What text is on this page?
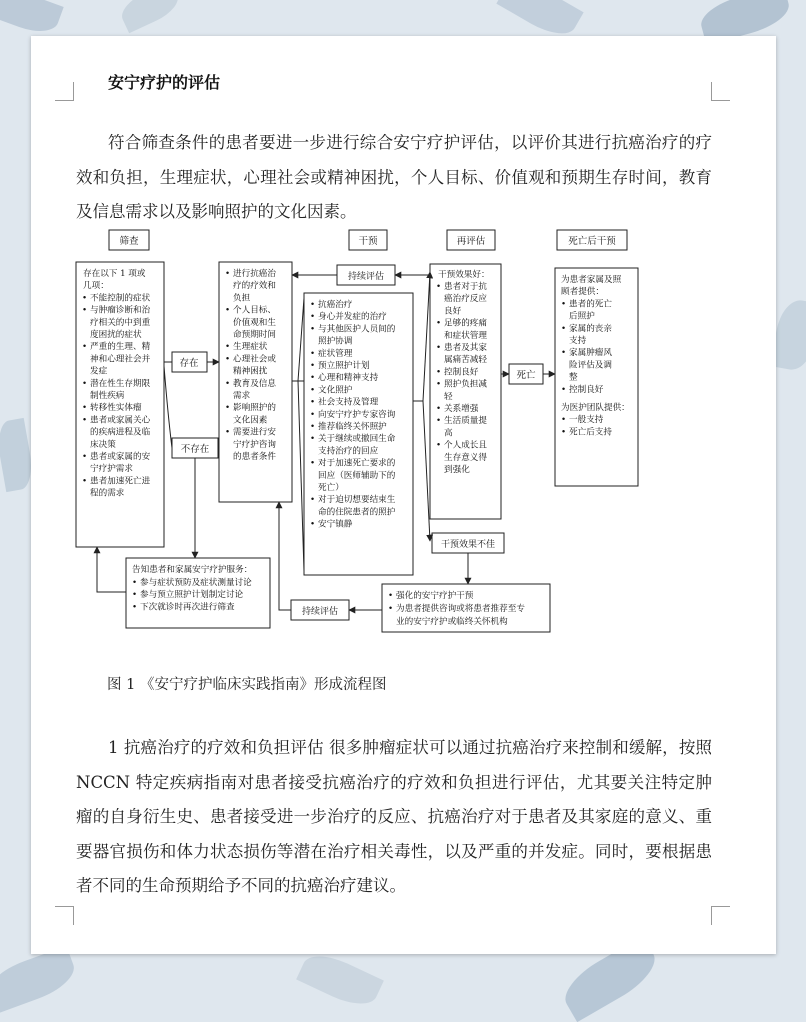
安宁疗护的评估

符合筛查条件的患者要进一步进行综合安宁疗护评估，以评价其进行抗癌治疗的疗效和负担，生理症状，心理社会或精神困扰，个人目标、价值观和预期生存时间，教育及信息需求以及影响照护的文化因素。

筛查	干预	再评估	死亡后干预
存在以下 1 项或
几项：
• 不能控制的症状
• 与肿瘤诊断和治
疗相关的中到重
度困扰的症状
• 严重的生理、精
神和心理社会并
发症
• 潜在性生存期限
制性疾病
• 转移性实体瘤
• 患者或家属关心
的疾病进程及临
床决策
• 患者或家属的安
宁疗护需求
• 患者加速死亡进
程的需求
存在
不存在
• 进行抗癌治
疗的疗效和
负担
• 个人目标、
价值观和生
命预期时间
• 生理症状
• 心理社会或
精神困扰
• 教育及信息
需求
• 影响照护的
文化因素
• 需要进行安
宁疗护咨询
的患者条件
持续评估
持续评估
• 抗癌治疗
• 身心并发症的治疗
• 与其他医护人员间的
照护协调
• 症状管理
• 预立照护计划
• 心理和精神支持
• 文化照护
• 社会支持及管理
• 向安宁疗护专家咨询
• 推荐临终关怀照护
• 关于继续或撤回生命
支持治疗的回应
• 对于加速死亡要求的
回应（医师辅助下的
死亡）
• 对于迫切想要结束生
命的住院患者的照护
• 安宁镇静
干预效果好：
• 患者对于抗
癌治疗反应
良好
• 足够的疼痛
和症状管理
• 患者及其家
属痛苦减轻
• 控制良好
• 照护负担减
轻
• 关系增强
• 生活质量提
高
• 个人成长且
生存意义得
到强化
干预效果不佳
死亡
为患者家属及照
顾者提供：
• 患者的死亡
后照护
• 家属的丧亲
支持
• 家属肿瘤风
险评估及调
整
• 控制良好
为医护团队提供：
• 一般支持
• 死亡后支持
告知患者和家属安宁疗护服务：
• 参与症状预防及症状测量讨论
• 参与预立照护计划制定讨论
• 下次就诊时再次进行筛查
• 强化的安宁疗护干预
• 为患者提供咨询或将患者推荐至专
业的安宁疗护或临终关怀机构
图 1 《安宁疗护临床实践指南》形成流程图

1 抗癌治疗的疗效和负担评估 很多肿瘤症状可以通过抗癌治疗来控制和缓解，按照 NCCN 特定疾病指南对患者接受抗癌治疗的疗效和负担进行评估，尤其要关注特定肿瘤的自身衍生史、患者接受进一步治疗的反应、抗癌治疗对于患者及其家庭的意义、重要器官损伤和体力状态损伤等潜在治疗相关毒性，以及严重的并发症。同时，要根据患者不同的生命预期给予不同的抗癌治疗建议。
